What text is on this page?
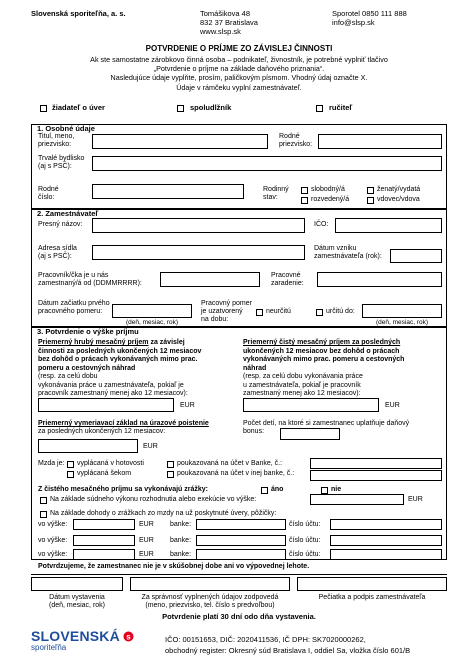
Slovenská sporiteľňa, a. s.	Tomášikova 48
832 37 Bratislava
www.slsp.sk
Sporotel 0850 111 888
info@slsp.sk
POTVRDENIE O PRÍJME ZO ZÁVISLEJ ČINNOSTI
Ak ste samostatne zárobkovo činná osoba – podnikateľ, živnostník, je potrebné vyplniť tlačivo
„Potvrdenie o príjme na základe daňového priznania“.
Nasledujúce údaje vyplňte, prosím, paličkovým písmom. Vhodný údaj označte X.
Údaje v rámčeku vyplní zamestnávateľ.
žiadateľ o úver	spoludlžník	ručiteľ
1. Osobné údaje
Titul, meno,
priezvisko:
Rodné
priezvisko:
Trvalé bydlisko
(aj s PSČ):
Rodné
číslo:
Rodinný
stav:
slobodný/á
rozvedený/á
ženatý/vydatá
vdovec/vdova
2. Zamestnávateľ
Presný názov:	IČO:
Adresa sídla
(aj s PSČ):
Dátum vzniku
zamestnávateľa (rok):
Pracovník/čka je u nás
zamestnaný/á od (DDMMRRRR):
Pracovné
zaradenie:
Dátum začiatku prvého
pracovného pomeru:
(deň, mesiac, rok)
Pracovný pomer
je uzatvorený
na dobu:
neurčitú	určitú do:
(deň, mesiac, rok)
3. Potvrdenie o výške príjmu
Priemerný hrubý mesačný príjem za závislej
činnosti za posledných ukončených 12 mesiacov
bez dohôd o prácach vykonávaných mimo prac.
pomeru a cestovných náhrad
(resp. za celú dobu
vykonávania práce u zamestnávateľa, pokiaľ je
pracovník zamestnaný menej ako 12 mesiacov):
EUR
Priemerný čistý mesačný príjem za posledných
ukončených 12 mesiacov bez dohôd o prácach
vykonávaných mimo prac. pomeru a cestovných
náhrad
(resp. za celú dobu vykonávania práce
u zamestnávateľa, pokiaľ je pracovník
zamestnaný menej ako 12 mesiacov):
EUR
Priemerný vymeriavací základ na úrazové poistenie
za posledných ukončených 12 mesiacov:
EUR
Počet detí, na ktoré si zamestnanec uplatňuje daňový
bonus:
Mzda je: vyplácaná v hotovosti
vyplácaná šekom
poukazovaná na účet v Banke, č.:
poukazovaná na účet v inej banke, č.:
Z čistého mesačného príjmu sa vykonávajú zrážky:	áno	nie
Na základe súdneho výkonu rozhodnutia alebo exekúcie vo výške:	EUR
Na základe dohody o zrážkach zo mzdy na už poskytnuté úvery, pôžičky:
vo výške:	EUR banke:	číslo účtu:
vo výške:	EUR banke:	číslo účtu:
vo výške:	EUR banke:	číslo účtu:
Potvrdzujeme, že zamestnanec nie je v skúšobnej dobe ani vo výpovednej lehote.
Dátum vystavenia
(deň, mesiac, rok)
Za správnosť vyplnených údajov zodpovedá
(meno, priezvisko, tel. číslo s predvoľbou)
Pečiatka a podpis zamestnávateľa
Potvrdenie platí 30 dní odo dňa vystavenia.
SLOVENSKÁ s
sporiteľňa
IČO: 00151653, DIČ: 2020411536, IČ DPH: SK7020000262,
obchodný register: Okresný súd Bratislava I, oddiel Sa, vložka číslo 601/B
